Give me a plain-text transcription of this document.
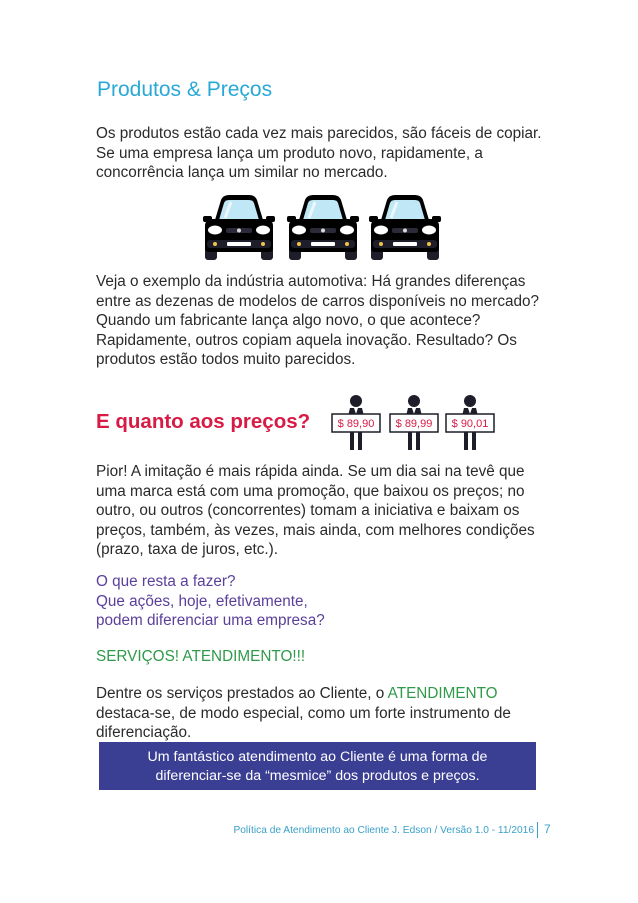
Produtos & Preços

Os produtos estão cada vez mais parecidos, são fáceis de copiar. Se uma empresa lança um produto novo, rapidamente, a concorrência lança um similar no mercado.

Veja o exemplo da indústria automotiva: Há grandes diferenças entre as dezenas de modelos de carros disponíveis no mercado? Quando um fabricante lança algo novo, o que acontece? Rapidamente, outros copiam aquela inovação. Resultado? Os produtos estão todos muito parecidos.

E quanto aos preços? $ 89,90 $ 89,99 $ 90,01

Pior! A imitação é mais rápida ainda. Se um dia sai na tevê que uma marca está com uma promoção, que baixou os preços; no outro, ou outros (concorrentes) tomam a iniciativa e baixam os preços, também, às vezes, mais ainda, com melhores condições (prazo, taxa de juros, etc.).

O que resta a fazer?
Que ações, hoje, efetivamente,
podem diferenciar uma empresa?

SERVIÇOS! ATENDIMENTO!!!

Dentre os serviços prestados ao Cliente, o ATENDIMENTO destaca-se, de modo especial, como um forte instrumento de diferenciação.

Um fantástico atendimento ao Cliente é uma forma de
diferenciar-se da “mesmice” dos produtos e preços.
Política de Atendimento ao Cliente J. Edson / Versão 1.0 - 11/2016 7
